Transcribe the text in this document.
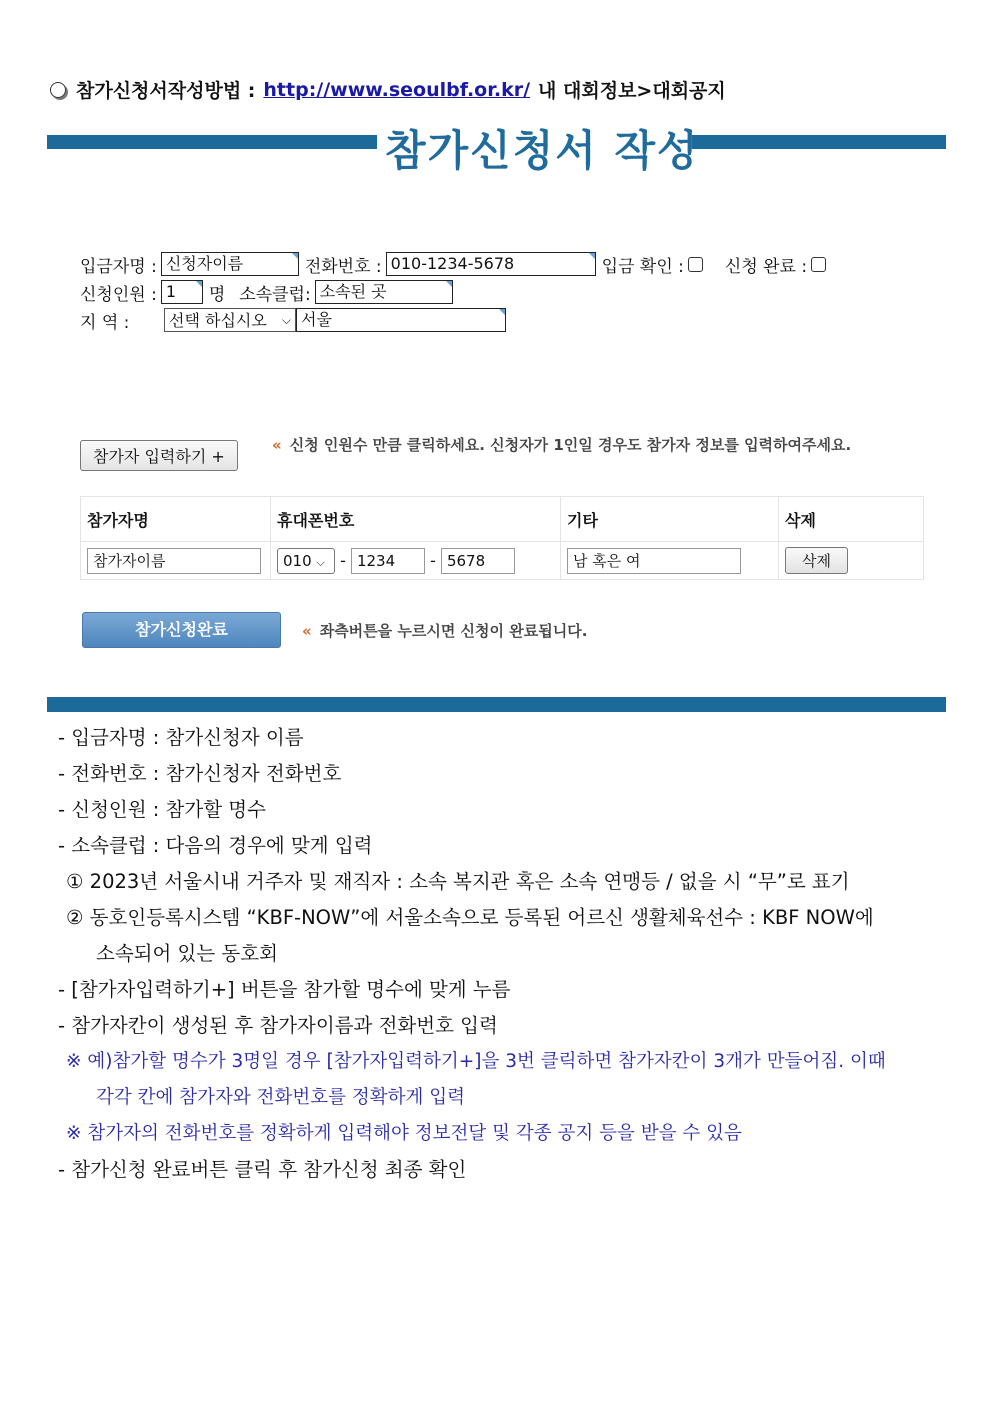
참가신청서작성방법 : http://www.seoulbf.or.kr/ 내 대회정보>대회공지
참가신청서 작성
입금자명 : 신청자이름	전화번호 : 010-1234-5678	입금 확인 : 신청 완료 :
신청인원 : 1	명 소속클럽: 소속된 곳
지 역 :	선택 하십시오 ⌵ 서울
참가자 입력하기 +
« 신청 인원수 만큼 클릭하세요. 신청자가 1인일 경우도 참가자 정보를 입력하여주세요.
참가자명	휴대폰번호	기타	삭제
참가자이름	010 ⌵ - 1234 - 5678	남 혹은 여	삭제
참가신청완료	« 좌측버튼을 누르시면 신청이 완료됩니다.
- 입금자명 : 참가신청자 이름
- 전화번호 : 참가신청자 전화번호
- 신청인원 : 참가할 명수
- 소속클럽 : 다음의 경우에 맞게 입력
① 2023년 서울시내 거주자 및 재직자 : 소속 복지관 혹은 소속 연맹등 / 없을 시 “무”로 표기
② 동호인등록시스템 “KBF-NOW”에 서울소속으로 등록된 어르신 생활체육선수 : KBF NOW에
소속되어 있는 동호회
- [참가자입력하기+] 버튼을 참가할 명수에 맞게 누름
- 참가자칸이 생성된 후 참가자이름과 전화번호 입력
※ 예)참가할 명수가 3명일 경우 [참가자입력하기+]을 3번 클릭하면 참가자칸이 3개가 만들어짐. 이때
각각 칸에 참가자와 전화번호를 정확하게 입력
※ 참가자의 전화번호를 정확하게 입력해야 정보전달 및 각종 공지 등을 받을 수 있음
- 참가신청 완료버튼 클릭 후 참가신청 최종 확인
